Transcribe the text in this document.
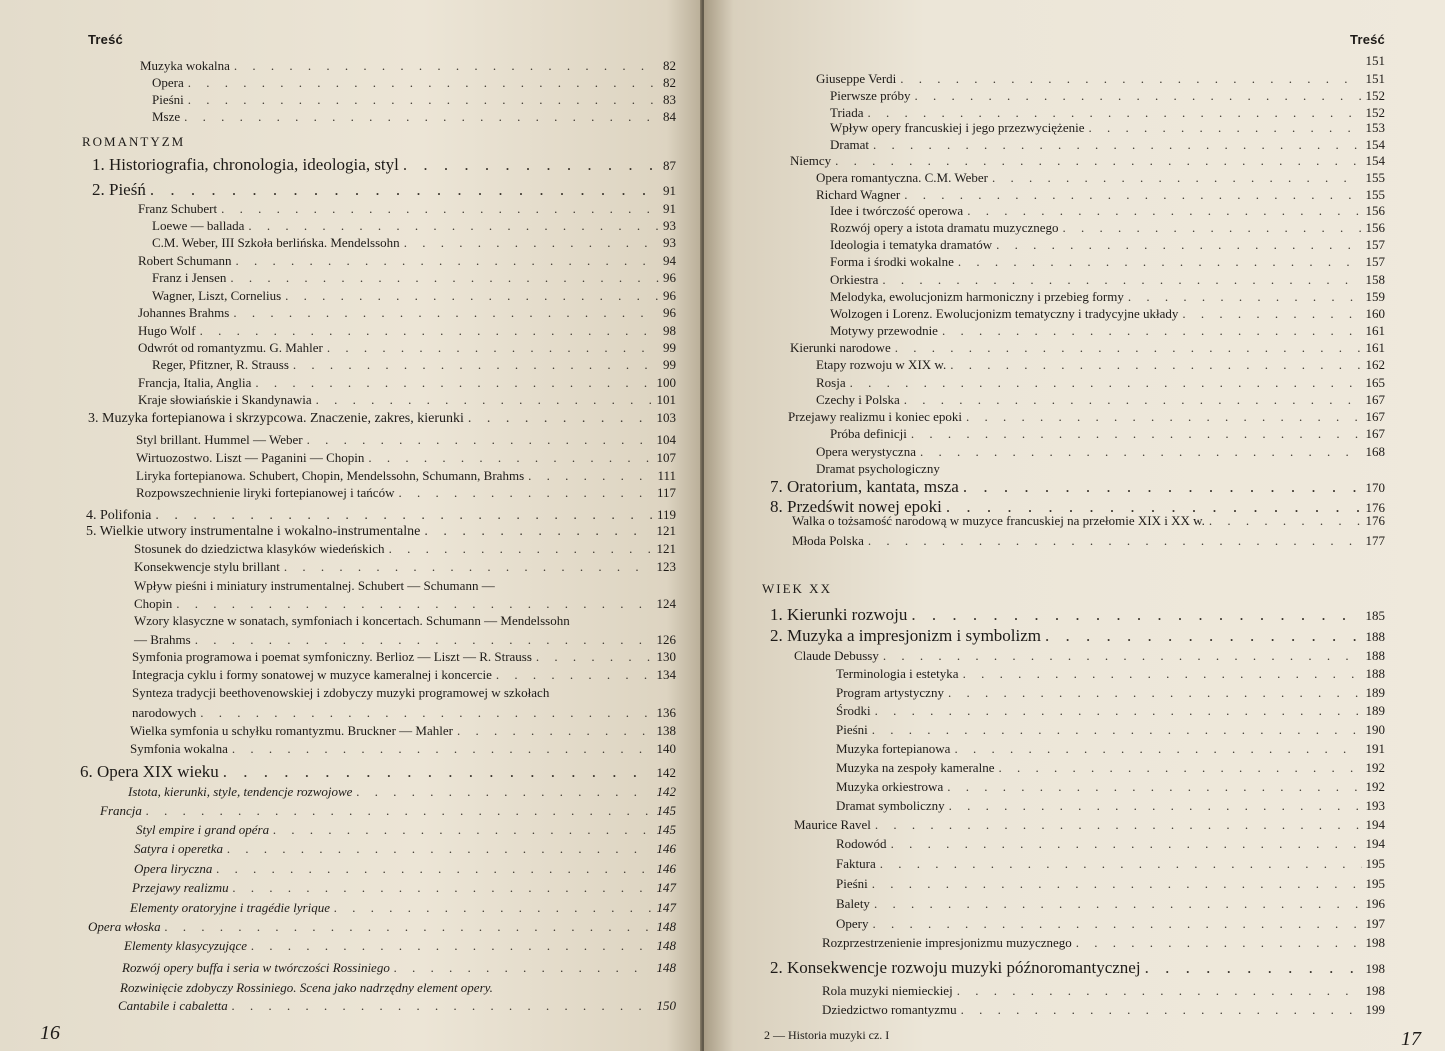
Treść
Muzyka wokalna . . .	82
Opera . . .	82
Pieśni . . .	83
Msze . . .	84
ROMANTYZM
1. Historiografia, chronologia, ideologia, styl . . .	87
2. Pieśń . . .	91
Franz Schubert . . .	91
Loewe — ballada . . .	93
C.M. Weber, III Szkoła berlińska. Mendelssohn . . .	93
Robert Schumann . . .	94
Franz i Jensen . . .	96
Wagner, Liszt, Cornelius . . .	96
Johannes Brahms . . .	96
Hugo Wolf . . .	98
Odwrót od romantyzmu. G. Mahler . . .	99
Reger, Pfitzner, R. Strauss . . .	99
Francja, Italia, Anglia . . .	100
Kraje słowiańskie i Skandynawia . . .	101
3. Muzyka fortepianowa i skrzypcowa. Znaczenie, zakres, kierunki . . .	103
Styl brillant. Hummel — Weber . . .	104
Wirtuozostwo. Liszt — Paganini — Chopin . . .	107
Liryka fortepianowa. Schubert, Chopin, Mendelssohn, Schumann, Brahms . . .	111
Rozpowszechnienie liryki fortepianowej i tańców . . .	117
4. Polifonia . . .	119
5. Wielkie utwory instrumentalne i wokalno-instrumentalne . . .	121
Stosunek do dziedzictwa klasyków wiedeńskich . . .	121
Konsekwencje stylu brillant . . .	123
Wpływ pieśni i miniatury instrumentalnej. Schubert — Schumann —
Chopin . . .	124
Wzory klasyczne w sonatach, symfoniach i koncertach. Schumann — Mendelssohn
— Brahms . . .	126
Symfonia programowa i poemat symfoniczny. Berlioz — Liszt — R. Strauss . . .	130
Integracja cyklu i formy sonatowej w muzyce kameralnej i koncercie . . .	134
Synteza tradycji beethovenowskiej i zdobyczy muzyki programowej w szkołach
narodowych . . .	136
Wielka symfonia u schyłku romantyzmu. Bruckner — Mahler . . .	138
Symfonia wokalna . . .	140
6. Opera XIX wieku . . .	142
Istota, kierunki, style, tendencje rozwojowe . . .	142
Francja . . .	145
Styl empire i grand opéra . . .	145
Satyra i operetka . . .	146
Opera liryczna . . .	146
Przejawy realizmu . . .	147
Elementy oratoryjne i tragédie lyrique . . .	147
Opera włoska . . .	148
Elementy klasycyzujące . . .	148
Rozwój opery buffa i seria w twórczości Rossiniego . . .	148
Rozwinięcie zdobyczy Rossiniego. Scena jako nadrzędny element opery.
Cantabile i cabaletta . . .	150
16
Treść
151
Giuseppe Verdi . . .	151
Pierwsze próby . . .	152
Triada . . .	152
Wpływ opery francuskiej i jego przezwyciężenie . . .	153
Dramat . . .	154
Niemcy . . .	154
Opera romantyczna. C.M. Weber . . .	155
Richard Wagner . . .	155
Idee i twórczość operowa . . .	156
Rozwój opery a istota dramatu muzycznego . . .	156
Ideologia i tematyka dramatów . . .	157
Forma i środki wokalne . . .	157
Orkiestra . . .	158
Melodyka, ewolucjonizm harmoniczny i przebieg formy . . .	159
Wolzogen i Lorenz. Ewolucjonizm tematyczny i tradycyjne układy . . .	160
Motywy przewodnie . . .	161
Kierunki narodowe . . .	161
Etapy rozwoju w XIX w. . . .	162
Rosja . . .	165
Czechy i Polska . . .	167
Przejawy realizmu i koniec epoki . . .	167
Próba definicji . . .	167
Opera werystyczna . . .	168
Dramat psychologiczny
7. Oratorium, kantata, msza . . .	170
8. Przedświt nowej epoki . . .	176
Walka o tożsamość narodową w muzyce francuskiej na przełomie XIX i XX w. . . .	176
Młoda Polska . . .	177
WIEK XX
1. Kierunki rozwoju . . .	185
2. Muzyka a impresjonizm i symbolizm . . .	188
Claude Debussy . . .	188
Terminologia i estetyka . . .	188
Program artystyczny . . .	189
Środki . . .	189
Pieśni . . .	190
Muzyka fortepianowa . . .	191
Muzyka na zespoły kameralne . . .	192
Muzyka orkiestrowa . . .	192
Dramat symboliczny . . .	193
Maurice Ravel . . .	194
Rodowód . . .	194
Faktura . . .	195
Pieśni . . .	195
Balety . . .	196
Opery . . .	197
Rozprzestrzenienie impresjonizmu muzycznego . . .	198
2. Konsekwencje rozwoju muzyki późnoromantycznej . . .	198
Rola muzyki niemieckiej . . .	198
Dziedzictwo romantyzmu . . .	199
2 — Historia muzyki cz. I	17
